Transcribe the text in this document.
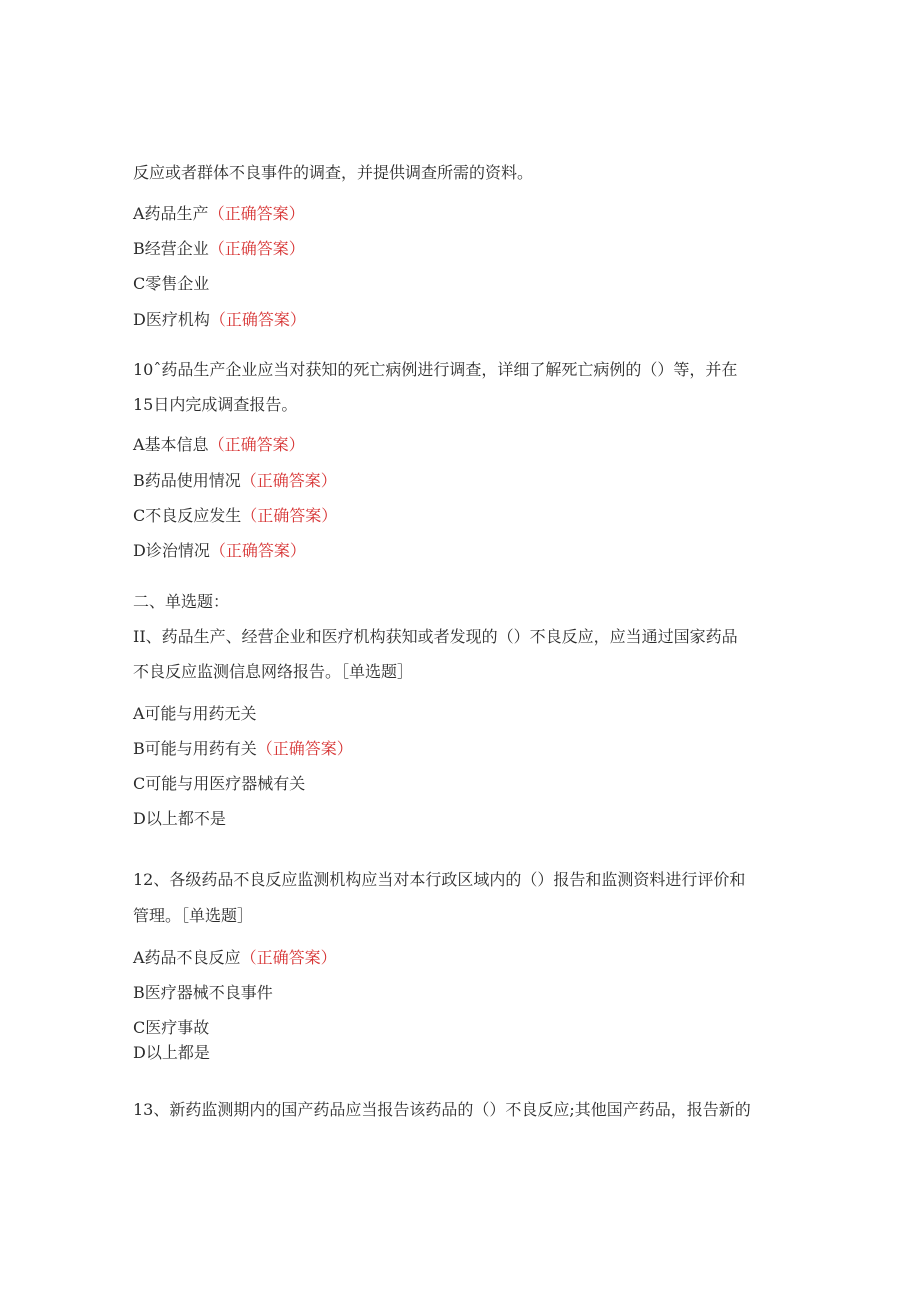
反应或者群体不良事件的调查，并提供调查所需的资料。
A药品生产（正确答案）
B经营企业（正确答案）
C零售企业
D医疗机构（正确答案）
10ˆ药品生产企业应当对获知的死亡病例进行调查，详细了解死亡病例的（）等，并在
15日内完成调查报告。
A基本信息（正确答案）
B药品使用情况（正确答案）
C不良反应发生（正确答案）
D诊治情况（正确答案）
二、单选题：
II、药品生产、经营企业和医疗机构获知或者发现的（）不良反应，应当通过国家药品
不良反应监测信息网络报告。［单选题］
A可能与用药无关
B可能与用药有关（正确答案）
C可能与用医疗器械有关
D以上都不是
12、各级药品不良反应监测机构应当对本行政区域内的（）报告和监测资料进行评价和
管理。［单选题］
A药品不良反应（正确答案）
B医疗器械不良事件
C医疗事故
D以上都是
13、新药监测期内的国产药品应当报告该药品的（）不良反应;其他国产药品，报告新的
